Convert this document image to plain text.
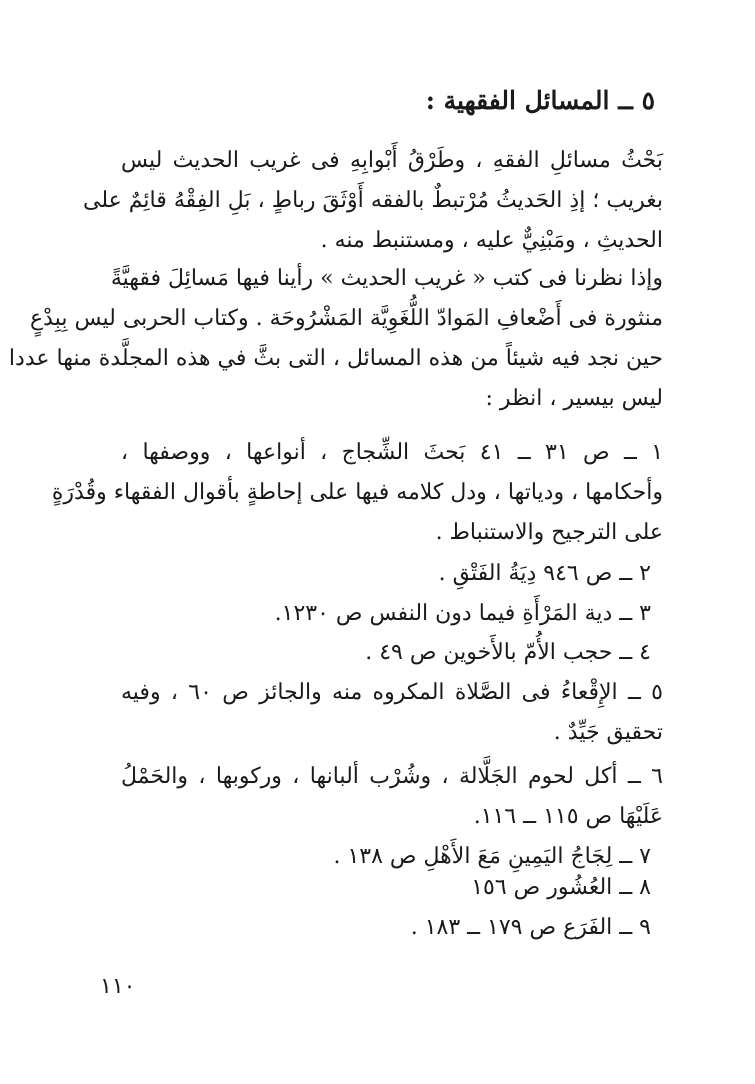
٥ ــ المسائل الفقهية :
بَحْثُ مسائلِ الفقهِ ، وطَرْقُ أَبْوابِهِ فى غريب الحديث ليس
بغريب ؛ إذِ الحَديثُ مُرْتبطٌ بالفقه أَوْثَقَ رباطٍ ، بَلِ الفِقْهُ قائِمٌ على
الحديثِ ، ومَبْنِيٌّ عليه ، ومستنبط منه .
وإذا نظرنا فى كتب « غريب الحديث » رأينا فيها مَسائِلَ فقهيَّةً
منثورة فى أَضْعافِ المَوادّ اللُّغَوِيَّة المَشْرُوحَة . وكتاب الحربى ليس بِبِدْعٍ
حين نجد فيه شيئاً من هذه المسائل ، التى بثَّ في هذه المجلَّدة منها عددا
ليس بيسير ، انظر :
١ ــ ص ٣١ ــ ٤١ بَحثَ الشِّجاج ، أنواعها ، ووصفها ،
وأحكامها ، ودياتها ، ودل كلامه فيها على إحاطةٍ بأقوال الفقهاء وقُدْرَةٍ
على الترجيح والاستنباط .
٢ ــ ص ٩٤٦ دِيَةُ الفَتْقِ .
٣ ــ دية المَرْأَةِ فيما دون النفس ص ١٢٣٠.
٤ ــ حجب الأُمّ بالأَخوين ص ٤٩ .
٥ ــ الإِقْعاءُ فى الصَّلاة المكروه منه والجائز ص ٦٠ ، وفيه
تحقيق جَيِّدٌ .
٦ ــ أكل لحوم الجَلَّالة ، وشُرْب ألبانها ، وركوبها ، والحَمْلُ
عَلَيْهَا ص ١١٥ ــ ١١٦.
٧ ــ لِجَاجُ اليَمِينِ مَعَ الأَهْلِ ص ١٣٨ .
٨ ــ العُشُور ص ١٥٦
٩ ــ الفَرَع ص ١٧٩ ــ ١٨٣ .
١١٠
